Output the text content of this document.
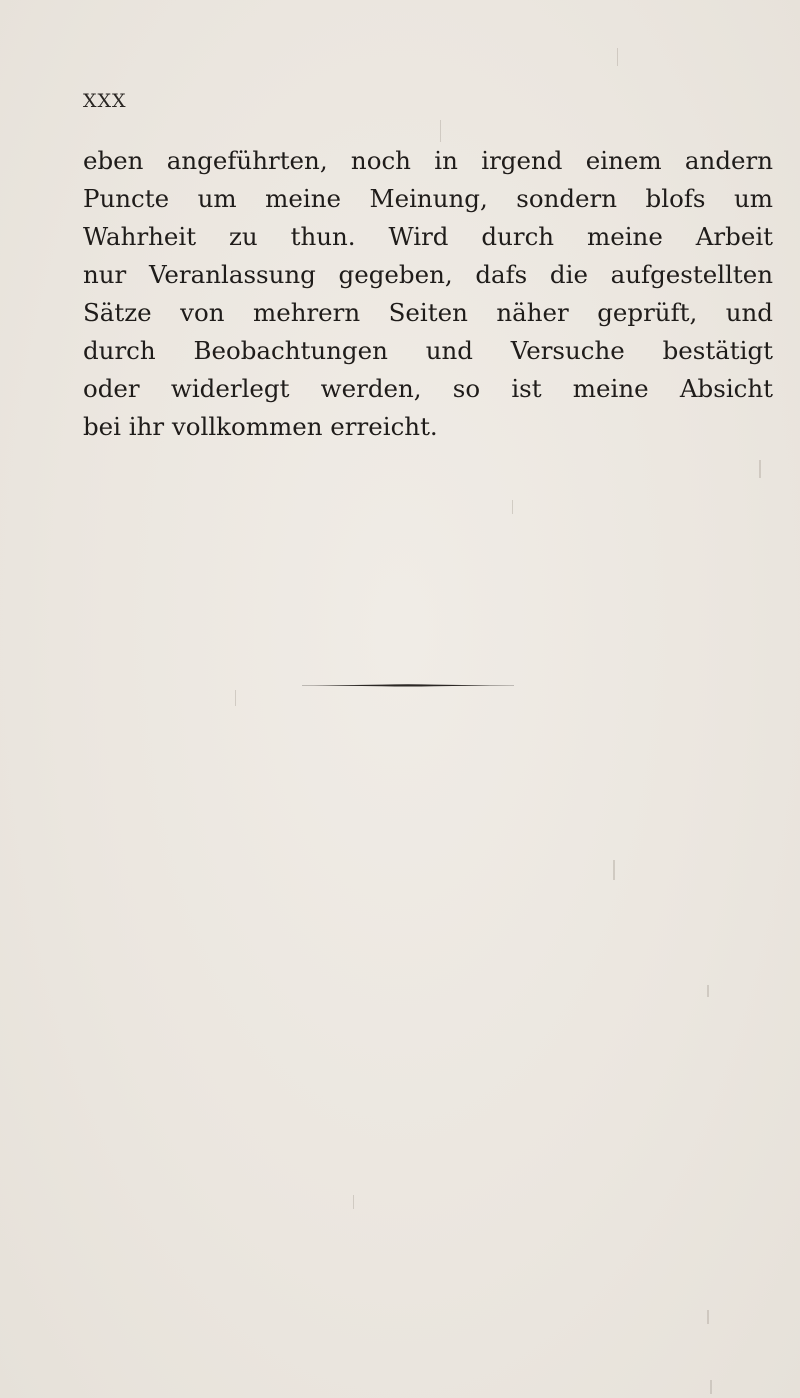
XXX
eben angeführten, noch in irgend einem andern
Puncte um meine Meinung, sondern blofs um
Wahrheit zu thun. Wird durch meine Arbeit
nur Veranlassung gegeben, dafs die aufgestellten
Sätze von mehrern Seiten näher geprüft, und
durch Beobachtungen und Versuche bestätigt
oder widerlegt werden, so ist meine Absicht
bei ihr vollkommen erreicht.
